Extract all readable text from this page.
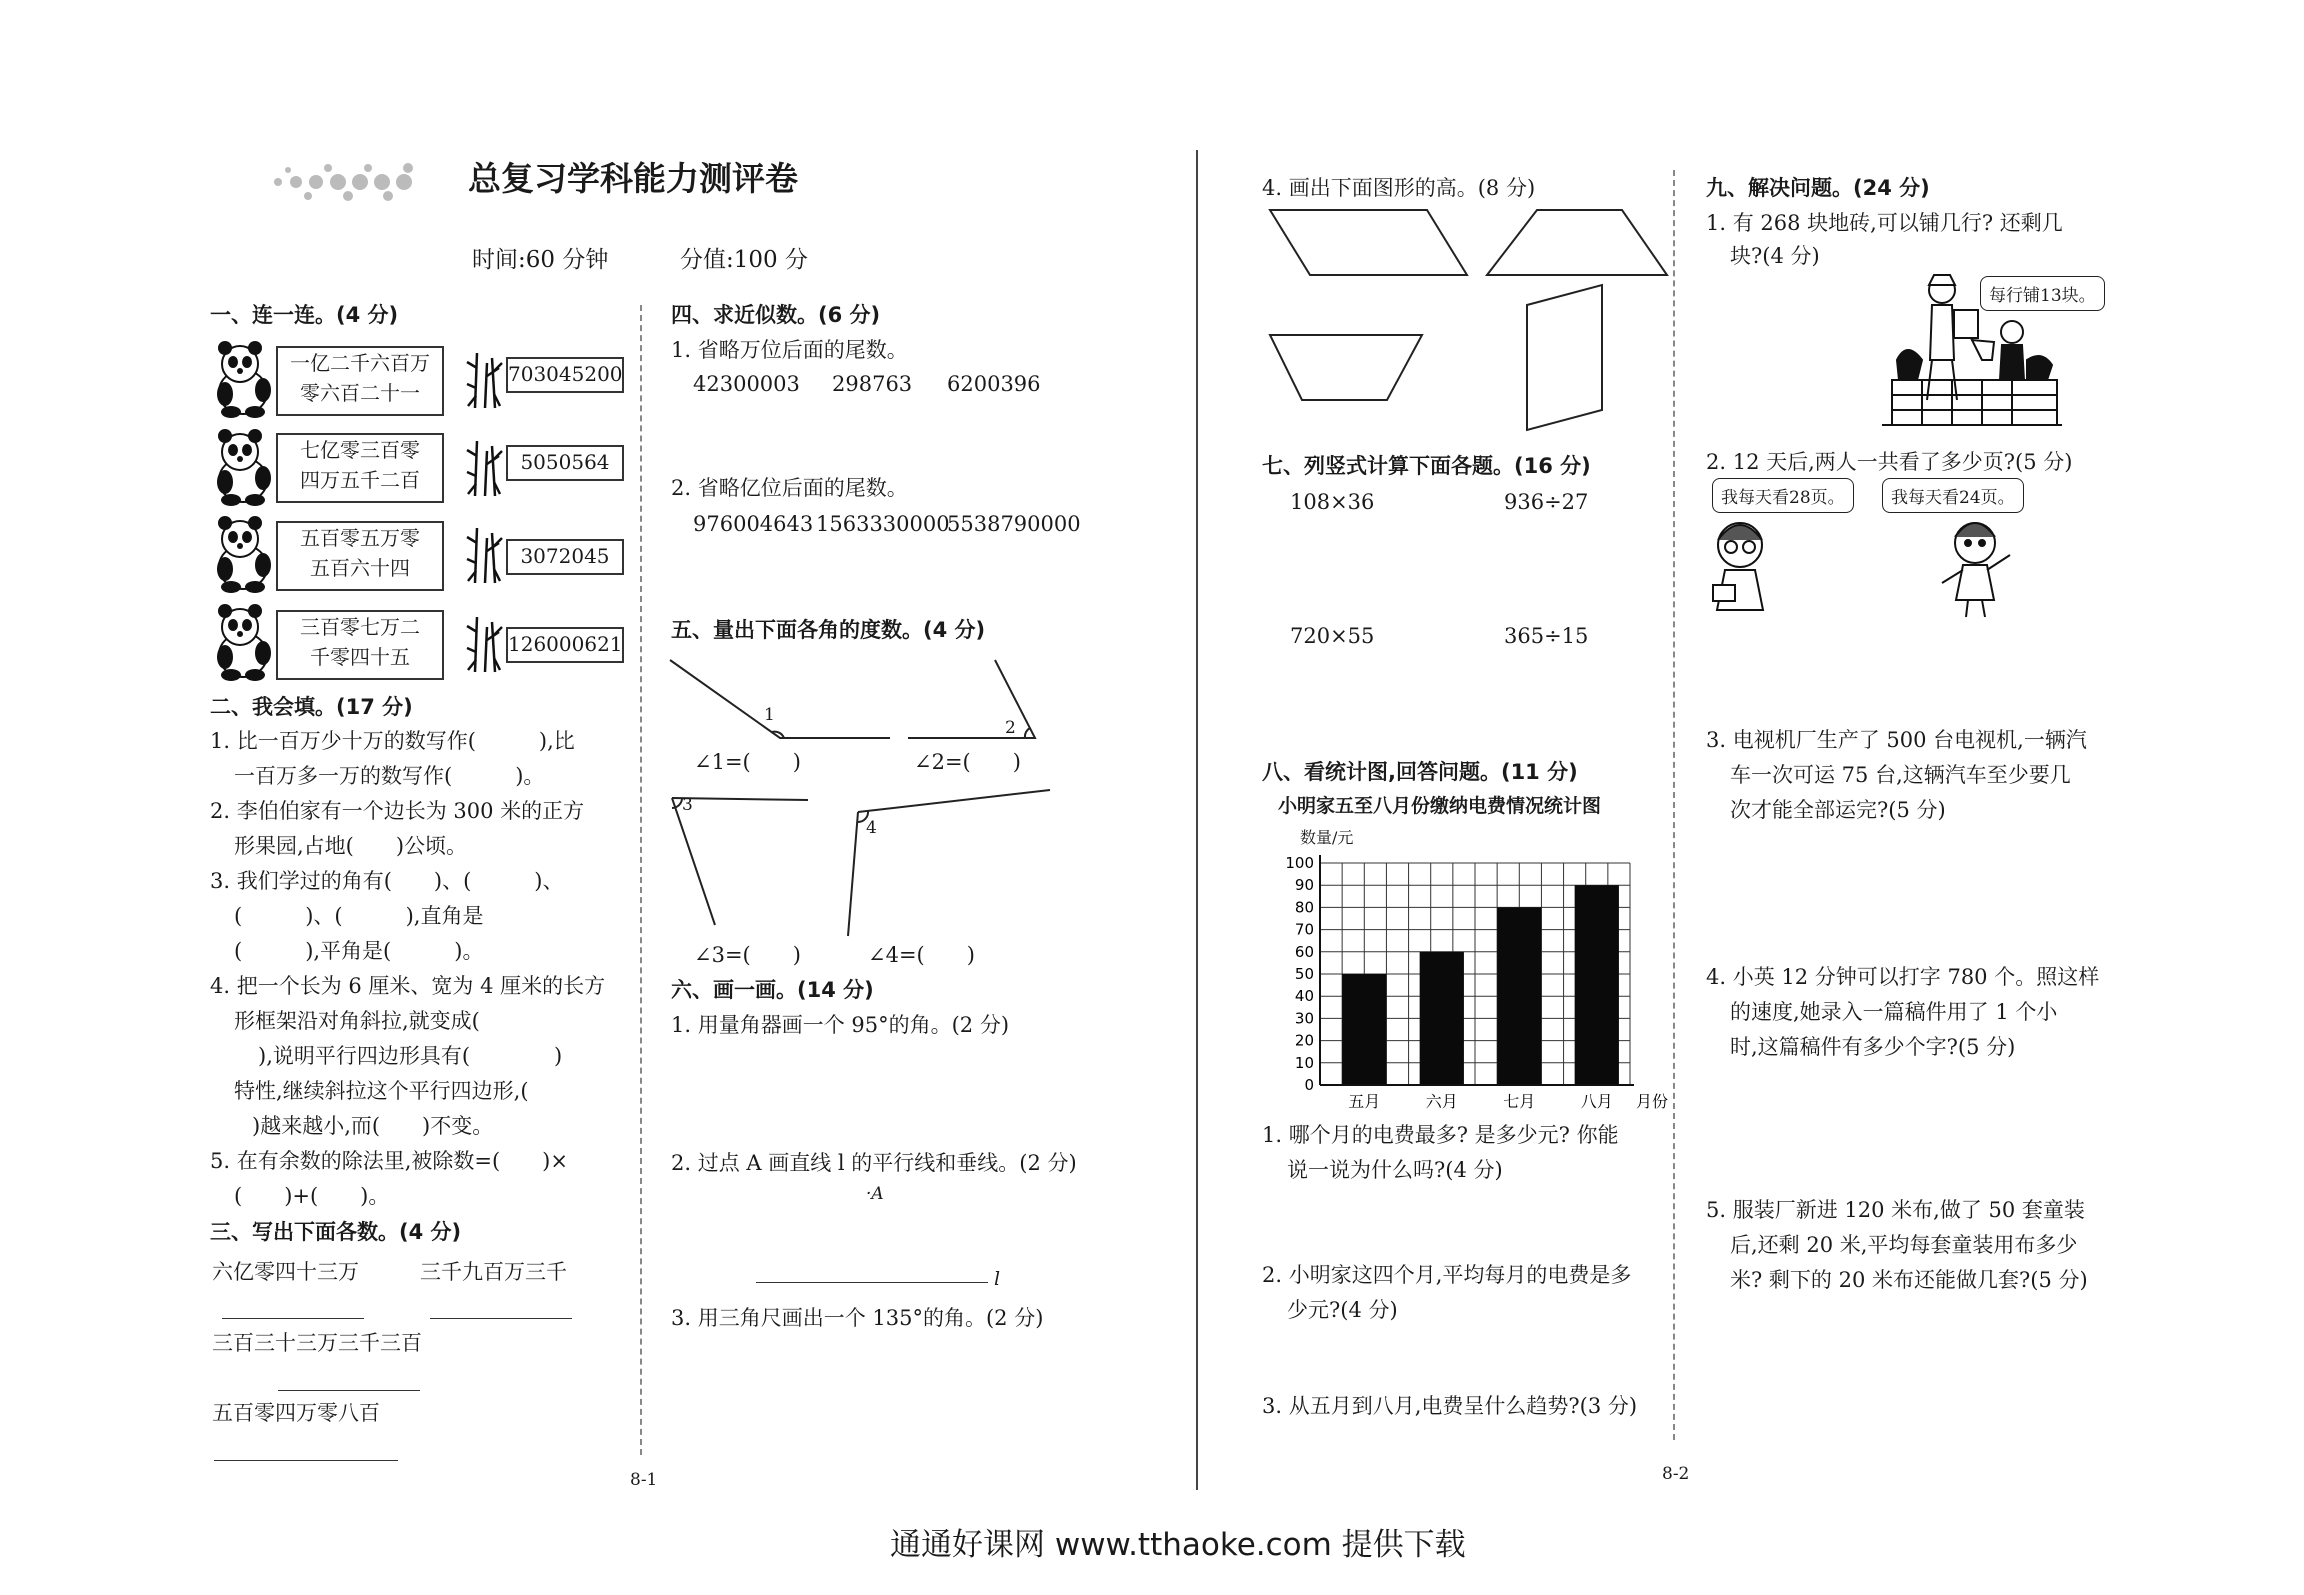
总复习学科能力测评卷
时间:60 分钟	分值:100 分
一、连一连。(4 分)
一亿二千六百万
零六百二十一
703045200
七亿零三百零
四万五千二百
5050564
五百零五万零
五百六十四	3072045
三百零七万二
千零四十五
126000621
二、我会填。(17 分)
1. 比一百万少十万的数写作(　　　),比
一百万多一万的数写作(　　　)。
2. 李伯伯家有一个边长为 300 米的正方
形果园,占地(　　)公顷。
3. 我们学过的角有(　　)、(　　　)、
(　　　)、(　　　),直角是
(　　　),平角是(　　　)。
4. 把一个长为 6 厘米、宽为 4 厘米的长方
形框架沿对角斜拉,就变成(　　　
),说明平行四边形具有(　　　　)
特性,继续斜拉这个平行四边形,(
)越来越小,而(　　)不变。
5. 在有余数的除法里,被除数=(　　)×
(　　)+(　　)。
三、写出下面各数。(4 分)
六亿零四十三万	三千九百万三千
三百三十三万三千三百
五百零四万零八百
8-1
四、求近似数。(6 分)
1. 省略万位后面的尾数。
42300003 298763 6200396
2. 省略亿位后面的尾数。
976004643 1563330000
5538790000
五、量出下面各角的度数。(4 分)
1
2
3
4
∠1=(　　)	∠2=(　　)
∠3=(　　)	∠4=(　　)
六、画一画。(14 分)
1. 用量角器画一个 95°的角。(2 分)
2. 过点 A 画直线 l 的平行线和垂线。(2 分)
·A
l
3. 用三角尺画出一个 135°的角。(2 分)
4. 画出下面图形的高。(8 分)
七、列竖式计算下面各题。(16 分)
108×36	936÷27
720×55	365÷15
八、看统计图,回答问题。(11 分)
小明家五至八月份缴纳电费情况统计图
数量/元
0
10
20
30
40
50
60
70
80
90
100
五月	六月	七月	八月 月份
1. 哪个月的电费最多? 是多少元? 你能
说一说为什么吗?(4 分)
2. 小明家这四个月,平均每月的电费是多
少元?(4 分)
3. 从五月到八月,电费呈什么趋势?(3 分)
8-2
九、解决问题。(24 分)
1. 有 268 块地砖,可以铺几行? 还剩几
块?(4 分)
每行铺13块。
2. 12 天后,两人一共看了多少页?(5 分)
我每天看28页。	我每天看24页。
3. 电视机厂生产了 500 台电视机,一辆汽
车一次可运 75 台,这辆汽车至少要几
次才能全部运完?(5 分)
4. 小英 12 分钟可以打字 780 个。照这样
的速度,她录入一篇稿件用了 1 个小
时,这篇稿件有多少个字?(5 分)
5. 服装厂新进 120 米布,做了 50 套童装
后,还剩 20 米,平均每套童装用布多少
米? 剩下的 20 米布还能做几套?(5 分)
通通好课网 www.tthaoke.com 提供下载
